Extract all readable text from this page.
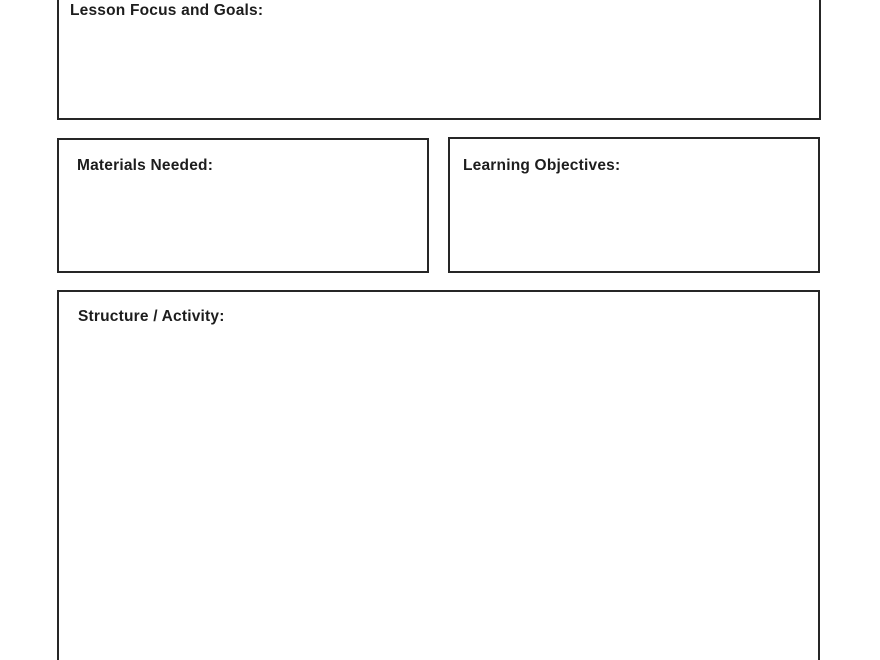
Lesson Focus and Goals:
Materials Needed:	Learning Objectives:
Structure / Activity:
